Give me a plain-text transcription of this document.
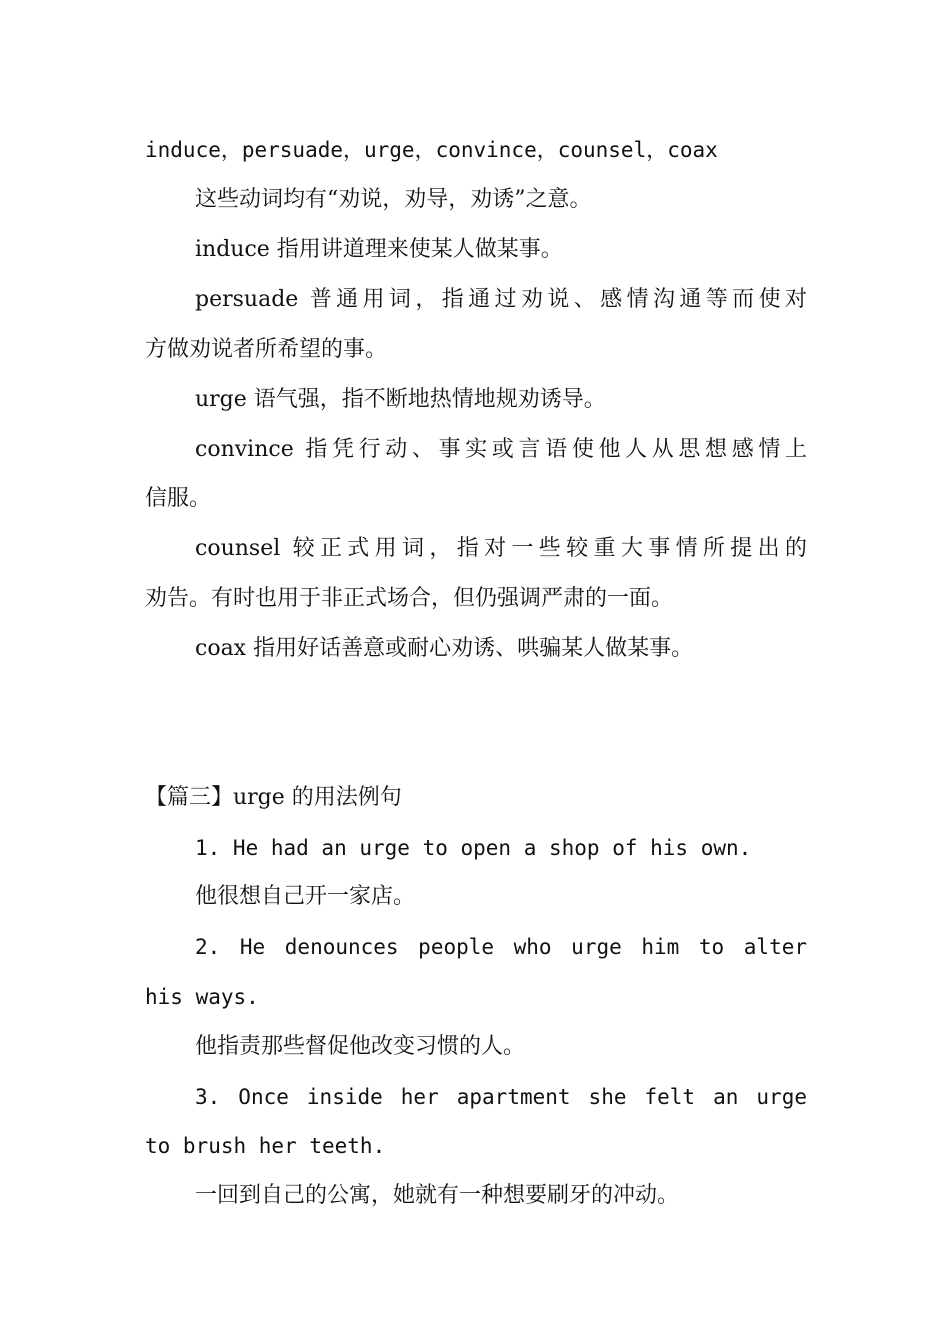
induce，persuade，urge，convince，counsel，coax
这些动词均有“劝说，劝导，劝诱”之意。
induce 指用讲道理来使某人做某事。
persuade 普通用词，指通过劝说、感情沟通等而使对
方做劝说者所希望的事。
urge 语气强，指不断地热情地规劝诱导。
convince 指凭行动、事实或言语使他人从思想感情上
信服。
counsel 较正式用词，指对一些较重大事情所提出的
劝告。有时也用于非正式场合，但仍强调严肃的一面。
coax 指用好话善意或耐心劝诱、哄骗某人做某事。
【篇三】urge 的用法例句
1. He had an urge to open a shop of his own.
他很想自己开一家店。
2. He denounces people who urge him to alter
his ways.
他指责那些督促他改变习惯的人。
3. Once inside her apartment she felt an urge
to brush her teeth.
一回到自己的公寓，她就有一种想要刷牙的冲动。
